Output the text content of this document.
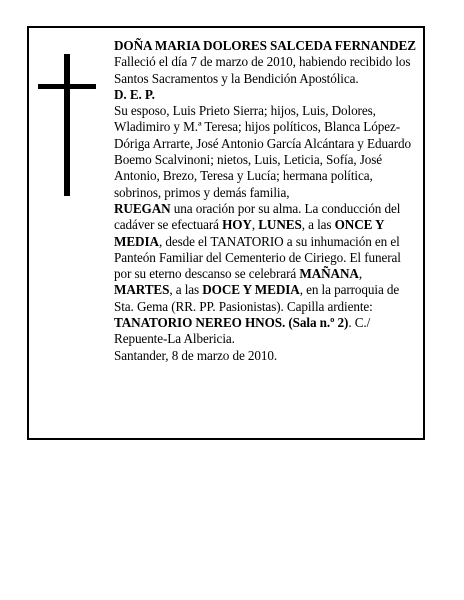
DOÑA MARIA DOLORES SALCEDA FERNANDEZ

Falleció el día 7 de marzo de 2010, habiendo recibido los Santos Sacramentos y la Bendición Apostólica.

D. E. P.

Su esposo, Luis Prieto Sierra; hijos, Luis, Dolores, Wladimiro y M.ª Teresa; hijos políticos, Blanca López-Dóriga Arrarte, José Antonio García Alcántara y Eduardo Boemo Scalvinoni; nietos, Luis, Leticia, Sofía, José Antonio, Brezo, Teresa y Lucía; hermana política, sobrinos, primos y demás familia,

RUEGAN una oración por su alma. La conducción del cadáver se efectuará HOY, LUNES, a las ONCE Y MEDIA, desde el TANATORIO a su inhumación en el Panteón Familiar del Cementerio de Ciriego. El funeral por su eterno descanso se celebrará MAÑANA, MARTES, a las DOCE Y MEDIA, en la parroquia de Sta. Gema (RR. PP. Pasionistas). Capilla ardiente: TANATORIO NEREO HNOS. (Sala n.º 2). C./ Repuente-La Albericia.

Santander, 8 de marzo de 2010.
